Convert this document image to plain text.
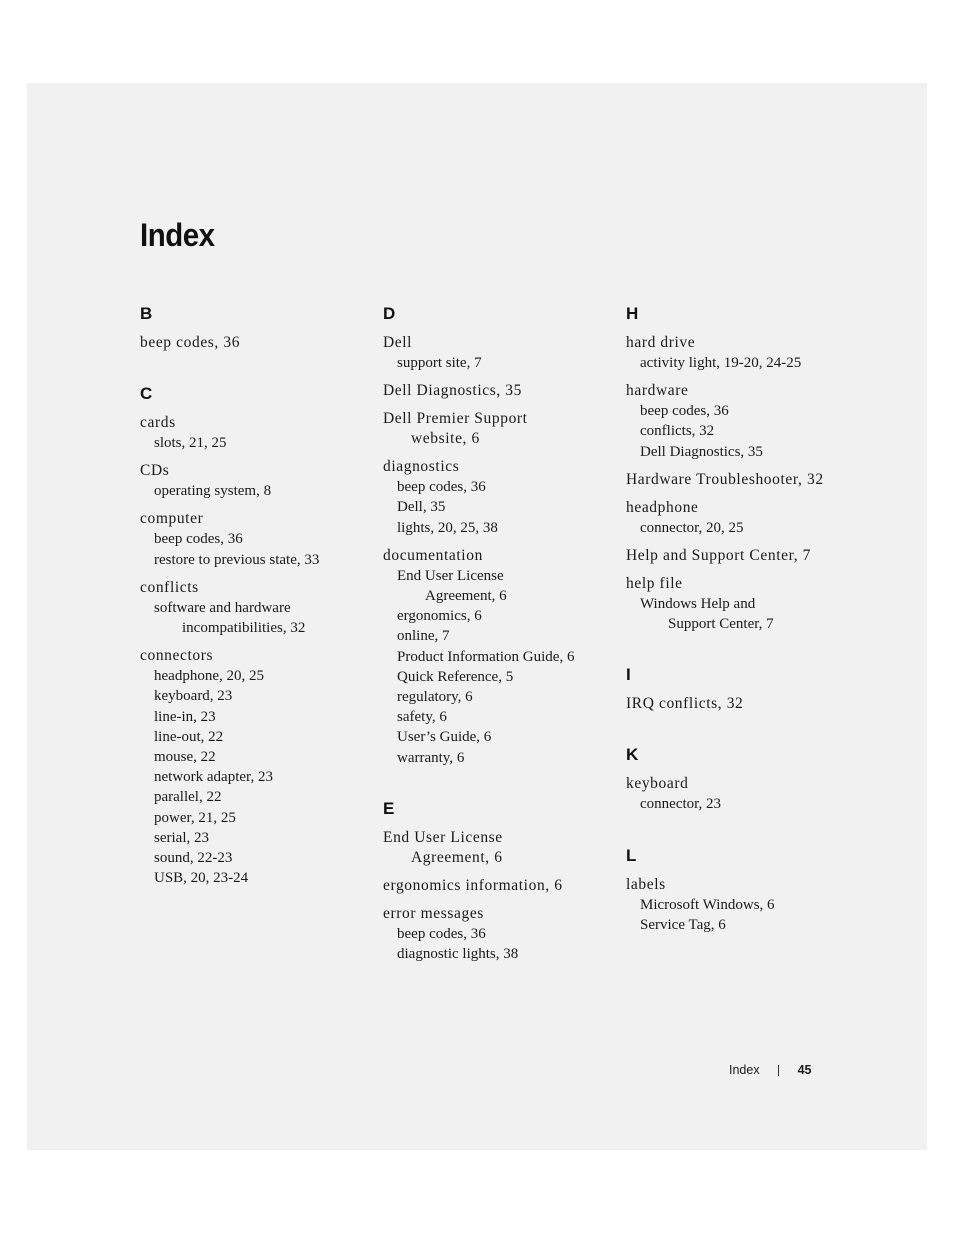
Index
B
beep codes, 36
C
cards
slots, 21, 25
CDs
operating system, 8
computer
beep codes, 36
restore to previous state, 33
conflicts
software and hardware
incompatibilities, 32
connectors
headphone, 20, 25
keyboard, 23
line-in, 23
line-out, 22
mouse, 22
network adapter, 23
parallel, 22
power, 21, 25
serial, 23
sound, 22-23
USB, 20, 23-24
D
Dell
support site, 7
Dell Diagnostics, 35
Dell Premier Support
website, 6
diagnostics
beep codes, 36
Dell, 35
lights, 20, 25, 38
documentation
End User License
Agreement, 6
ergonomics, 6
online, 7
Product Information Guide, 6
Quick Reference, 5
regulatory, 6
safety, 6
User’s Guide, 6
warranty, 6
E
End User License
Agreement, 6
ergonomics information, 6
error messages
beep codes, 36
diagnostic lights, 38
H
hard drive
activity light, 19-20, 24-25
hardware
beep codes, 36
conflicts, 32
Dell Diagnostics, 35
Hardware Troubleshooter, 32
headphone
connector, 20, 25
Help and Support Center, 7
help file
Windows Help and
Support Center, 7
I
IRQ conflicts, 32
K
keyboard
connector, 23
L
labels
Microsoft Windows, 6
Service Tag, 6
Index	45
